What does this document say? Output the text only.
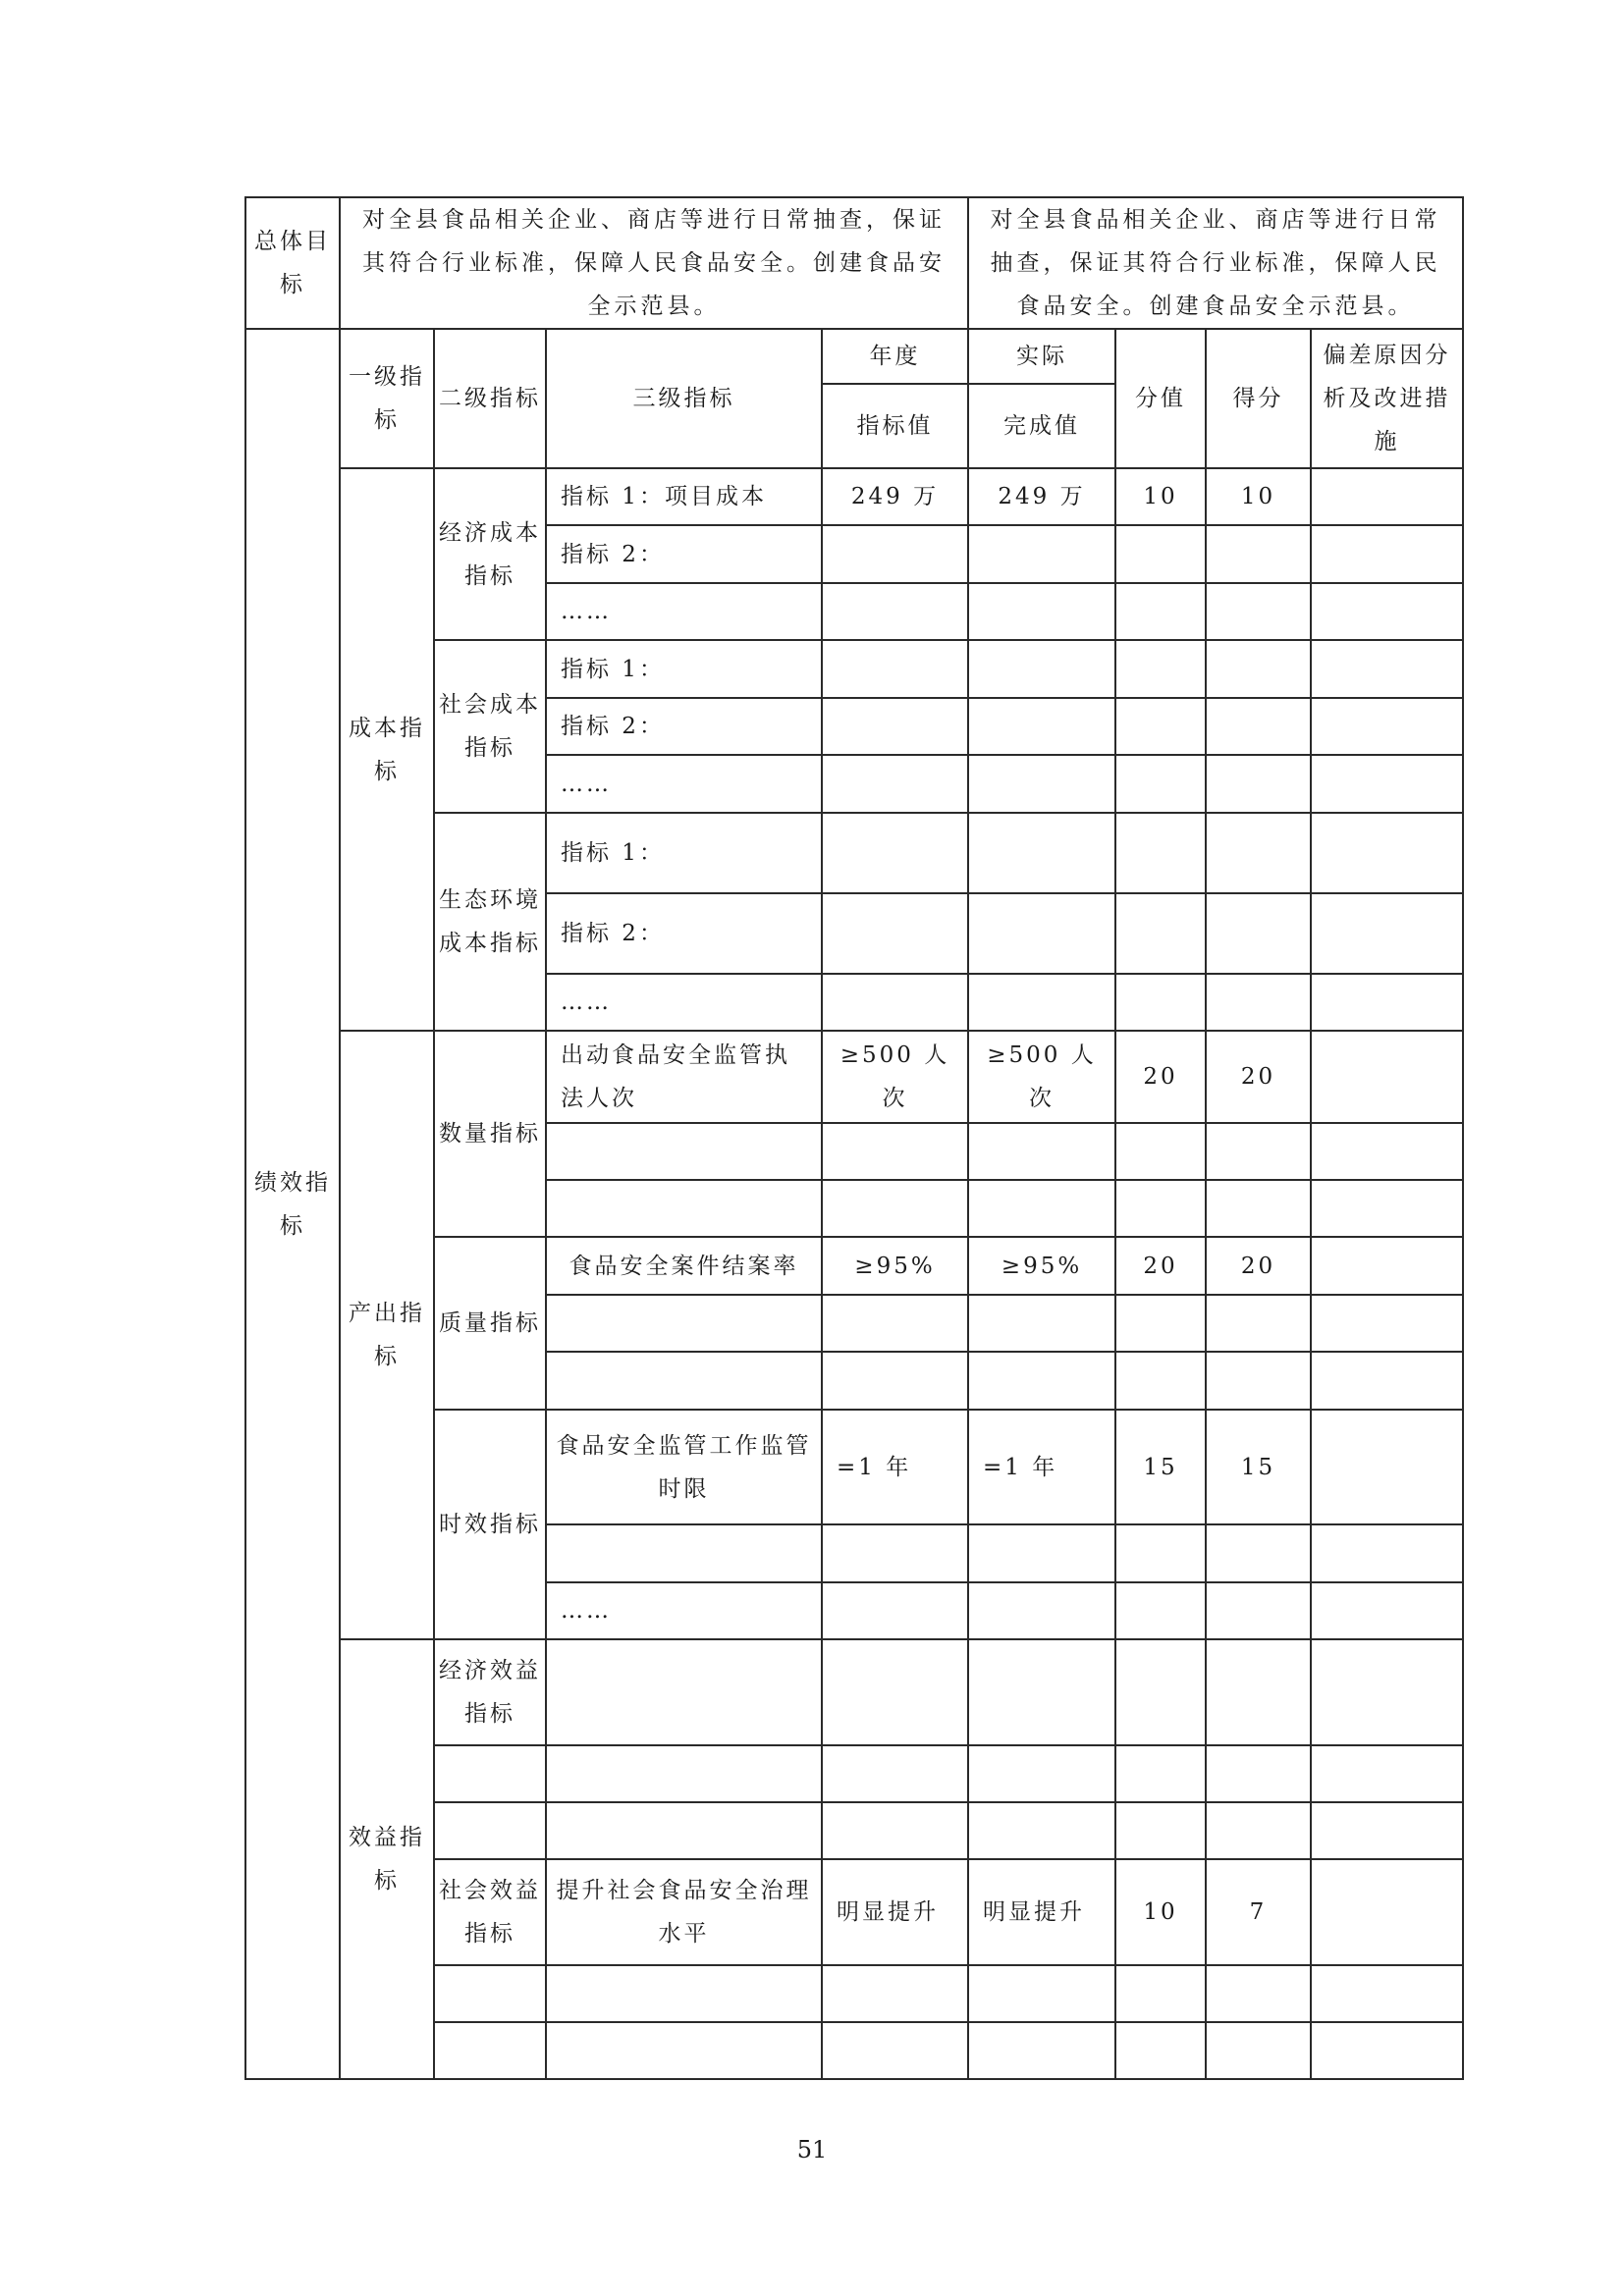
总体目标	对全县食品相关企业、商店等进行日常抽查，保证其符合行业标准，保障人民食品安全。创建食品安全示范县。				对全县食品相关企业、商店等进行日常抽查，保证其符合行业标准，保障人民食品安全。创建食品安全示范县。			
绩效指标	一级指标	二级指标	三级指标	年度	实际	分值	得分	偏差原因分析及改进措施
				指标值	完成值			
	成本指标	经济成本指标	指标 1：项目成本	249 万	249 万	10	10	
			指标 2：					
			……					
		社会成本指标	指标 1：					
			指标 2：					
			……					
		生态环境成本指标	指标 1：					
			指标 2：					
			……					
	产出指标	数量指标	出动食品安全监管执法人次	≥500 人次	≥500 人次	20	20	

		质量指标	食品安全案件结案率	≥95%	≥95%	20	20	

		时效指标	食品安全监管工作监管时限	=1 年	=1 年	15	15	

			……					
	效益指标	经济效益指标						

		社会效益指标	提升社会食品安全治理水平	明显提升	明显提升	10	7	

51
